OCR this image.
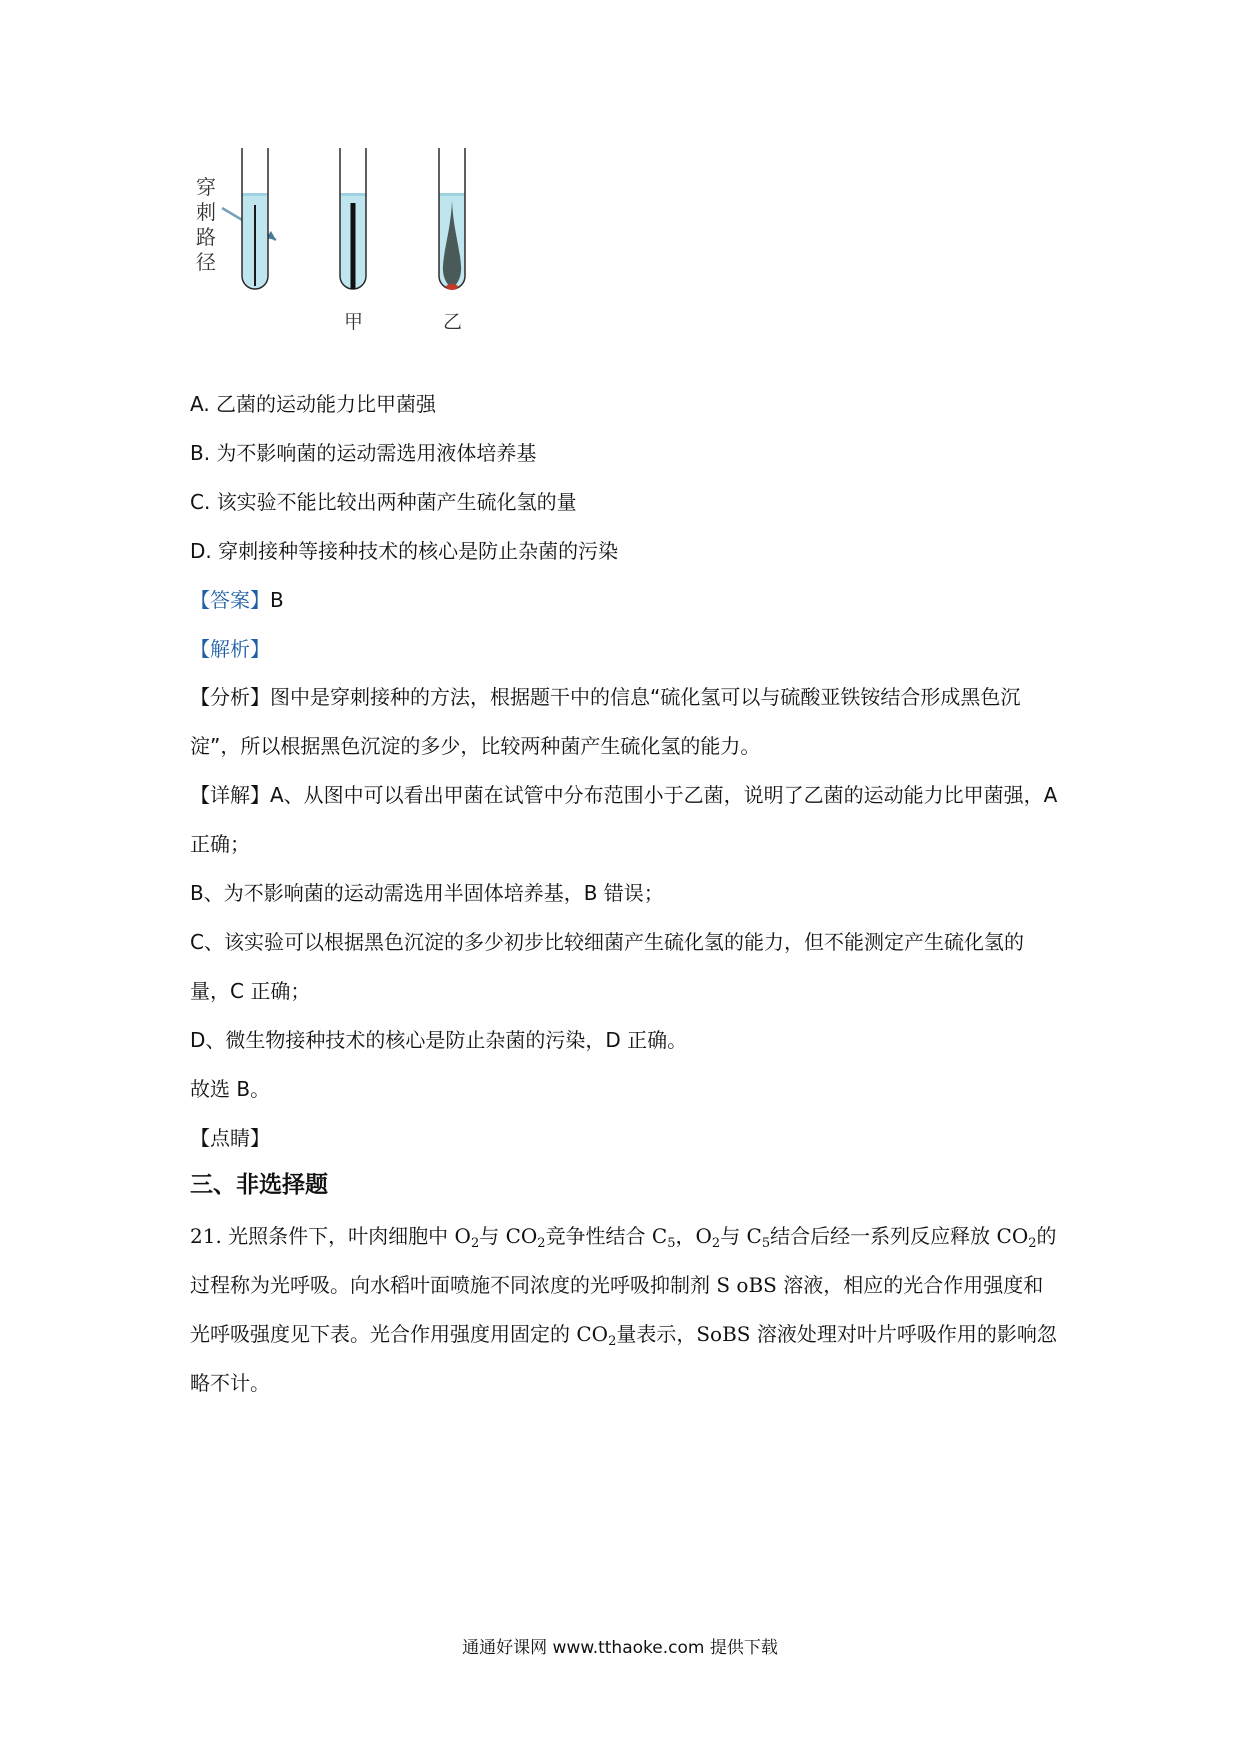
穿
刺
路
径
甲	乙
A. 乙菌的运动能力比甲菌强
B. 为不影响菌的运动需选用液体培养基
C. 该实验不能比较出两种菌产生硫化氢的量
D. 穿刺接种等接种技术的核心是防止杂菌的污染
【答案】B
【解析】
【分析】图中是穿刺接种的方法，根据题干中的信息“硫化氢可以与硫酸亚铁铵结合形成黑色沉淀”，所以根据黑色沉淀的多少，比较两种菌产生硫化氢的能力。
【详解】A、从图中可以看出甲菌在试管中分布范围小于乙菌，说明了乙菌的运动能力比甲菌强，A 正确；
B、为不影响菌的运动需选用半固体培养基，B 错误；
C、该实验可以根据黑色沉淀的多少初步比较细菌产生硫化氢的能力，但不能测定产生硫化氢的量，C 正确；
D、微生物接种技术的核心是防止杂菌的污染，D 正确。
故选 B。
【点睛】
三、非选择题
21. 光照条件下，叶肉细胞中 $O_2$与 $CO_2$竞争性结合 $C_5$，$O_2$与 $C_5$结合后经一系列反应释放 $CO_2$的过程称为光呼吸。向水稻叶面喷施不同浓度的光呼吸抑制剂 S oBS 溶液，相应的光合作用强度和光呼吸强度见下表。光合作用强度用固定的 $CO_2$量表示，SoBS 溶液处理对叶片呼吸作用的影响忽略不计。
通通好课网 www.tthaoke.com 提供下载
